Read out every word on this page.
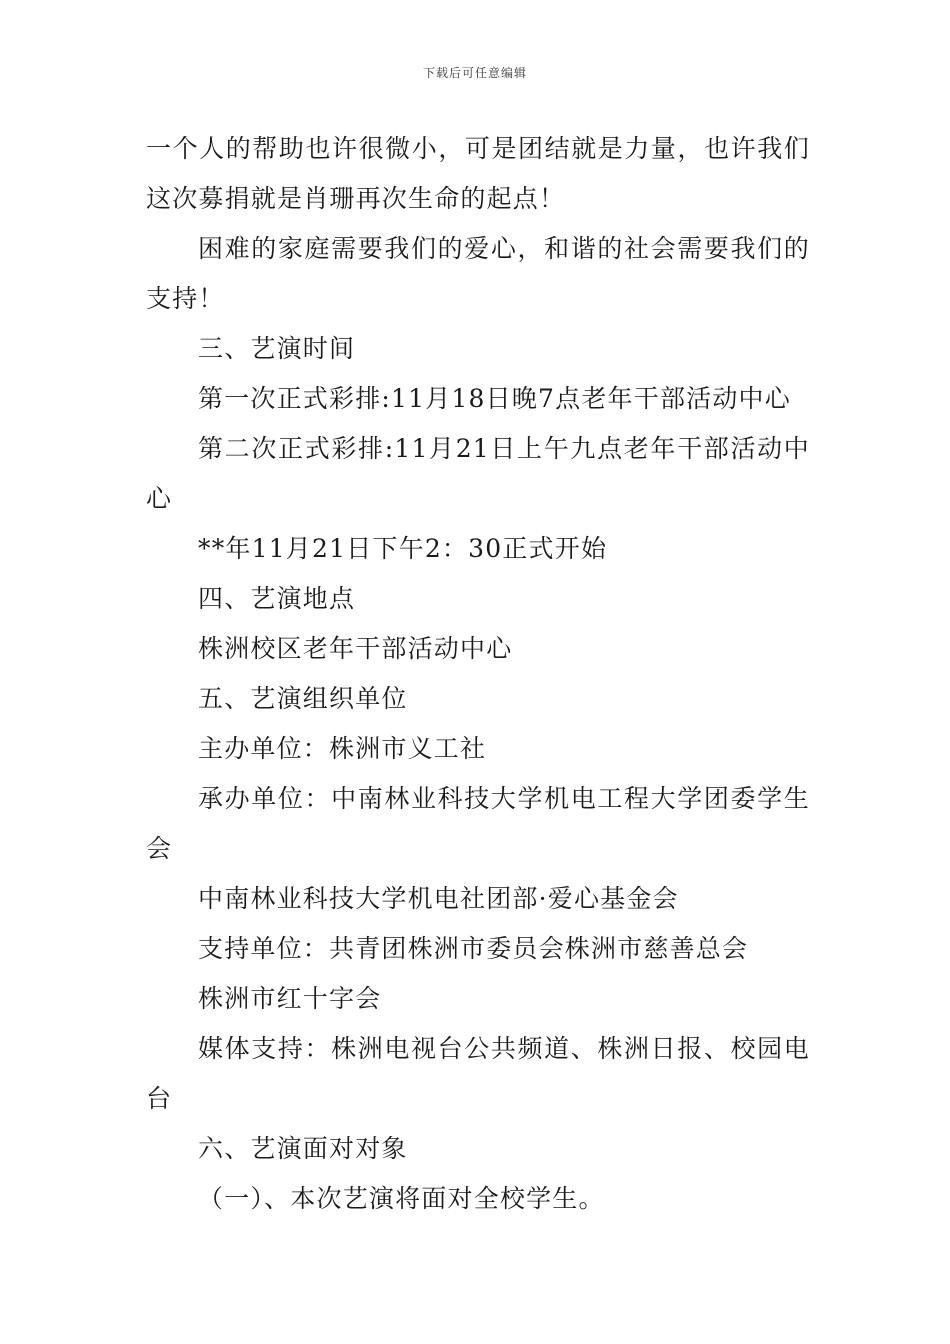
下载后可任意编辑

一个人的帮助也许很微小，可是团结就是力量，也许我们这次募捐就是肖珊再次生命的起点！

困难的家庭需要我们的爱心，和谐的社会需要我们的支持！

三、艺演时间

第一次正式彩排:11月18日晚7点老年干部活动中心

第二次正式彩排:11月21日上午九点老年干部活动中心

**年11月21日下午2：30正式开始

四、艺演地点

株洲校区老年干部活动中心

五、艺演组织单位

主办单位：株洲市义工社

承办单位：中南林业科技大学机电工程大学团委学生会

中南林业科技大学机电社团部·爱心基金会

支持单位：共青团株洲市委员会株洲市慈善总会

株洲市红十字会

媒体支持：株洲电视台公共频道、株洲日报、校园电台

六、艺演面对对象

（一）、本次艺演将面对全校学生。
